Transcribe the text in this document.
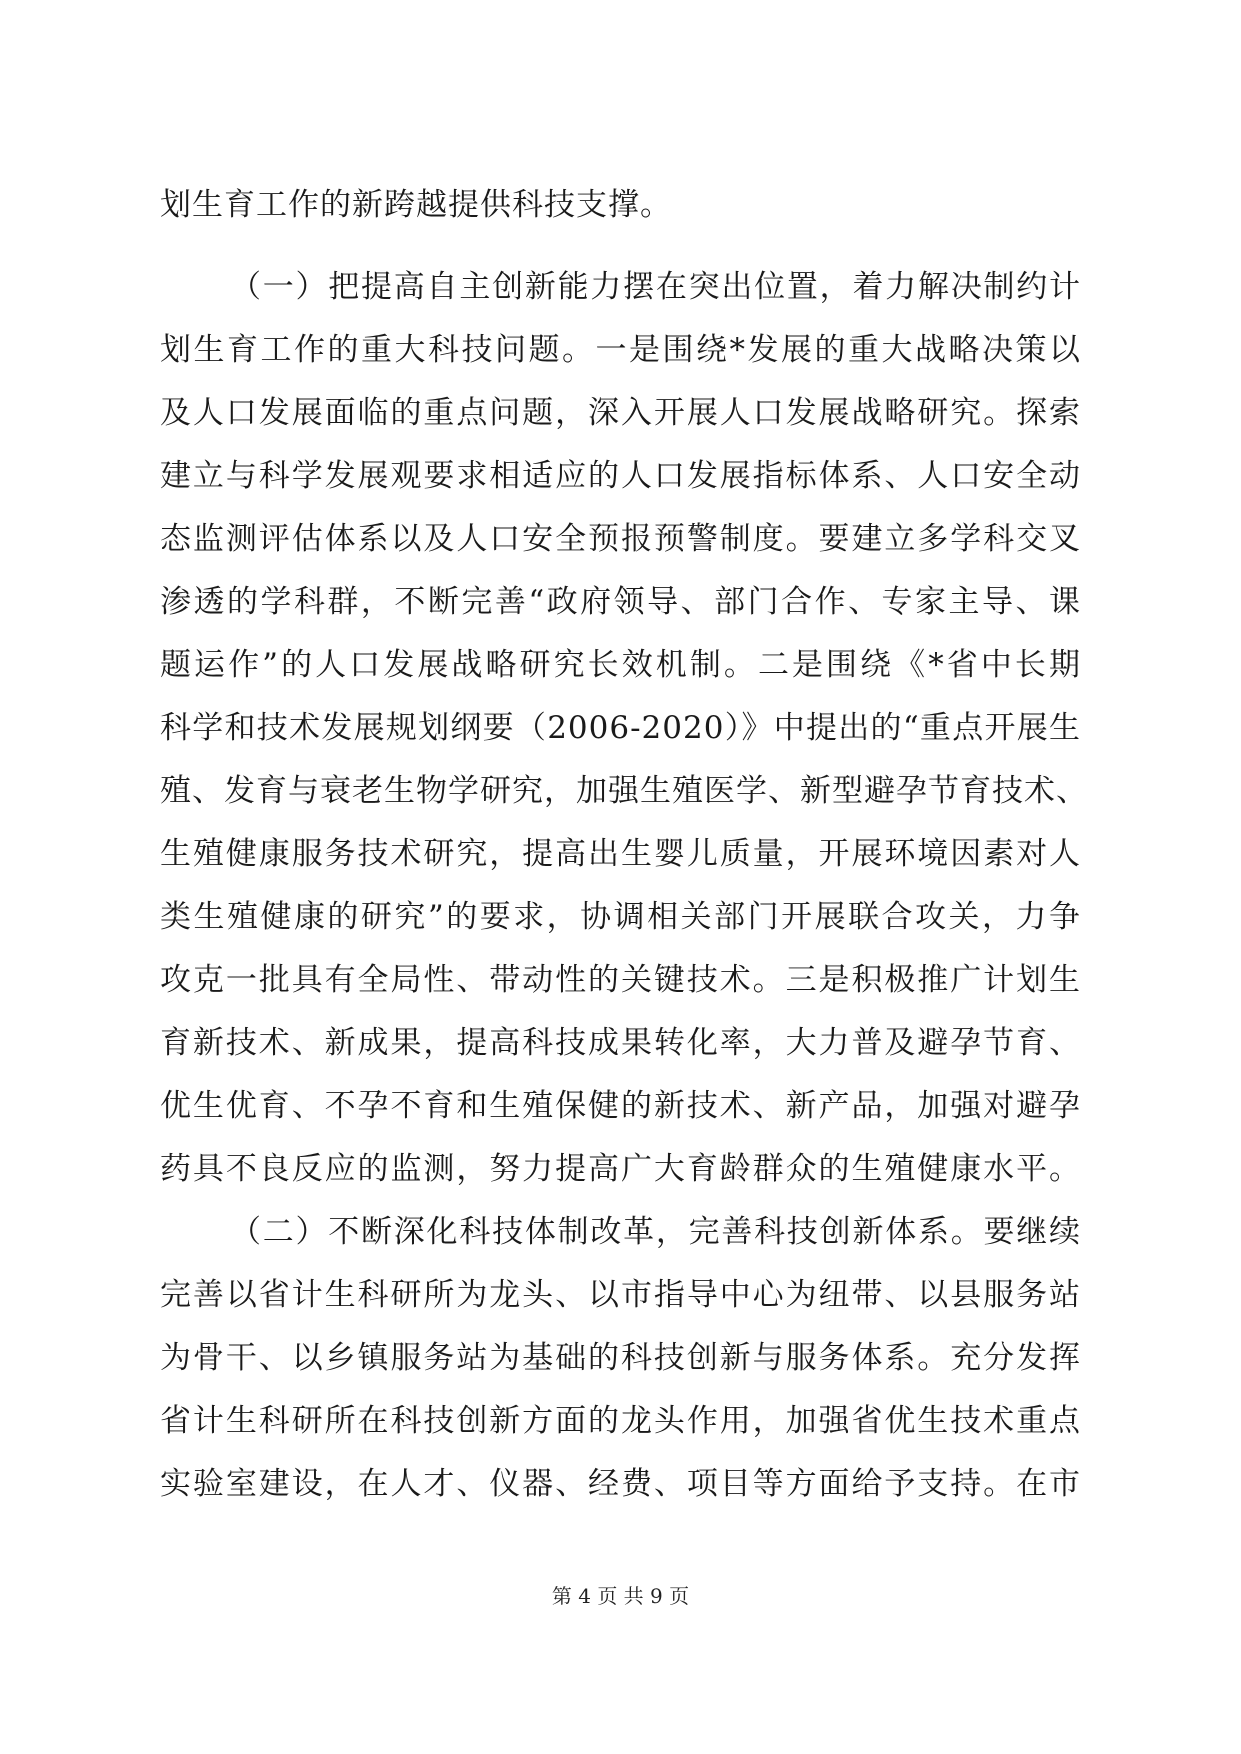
划生育工作的新跨越提供科技支撑。
（一）把提高自主创新能力摆在突出位置，着力解决制约计
划生育工作的重大科技问题。一是围绕*发展的重大战略决策以
及人口发展面临的重点问题，深入开展人口发展战略研究。探索
建立与科学发展观要求相适应的人口发展指标体系、人口安全动
态监测评估体系以及人口安全预报预警制度。要建立多学科交叉
渗透的学科群，不断完善“政府领导、部门合作、专家主导、课
题运作”的人口发展战略研究长效机制。二是围绕《*省中长期
科学和技术发展规划纲要（2006-2020）》中提出的“重点开展生
殖、发育与衰老生物学研究，加强生殖医学、新型避孕节育技术、
生殖健康服务技术研究，提高出生婴儿质量，开展环境因素对人
类生殖健康的研究”的要求，协调相关部门开展联合攻关，力争
攻克一批具有全局性、带动性的关键技术。三是积极推广计划生
育新技术、新成果，提高科技成果转化率，大力普及避孕节育、
优生优育、不孕不育和生殖保健的新技术、新产品，加强对避孕
药具不良反应的监测，努力提高广大育龄群众的生殖健康水平。
（二）不断深化科技体制改革，完善科技创新体系。要继续
完善以省计生科研所为龙头、以市指导中心为纽带、以县服务站
为骨干、以乡镇服务站为基础的科技创新与服务体系。充分发挥
省计生科研所在科技创新方面的龙头作用，加强省优生技术重点
实验室建设，在人才、仪器、经费、项目等方面给予支持。在市
第 4 页 共 9 页
